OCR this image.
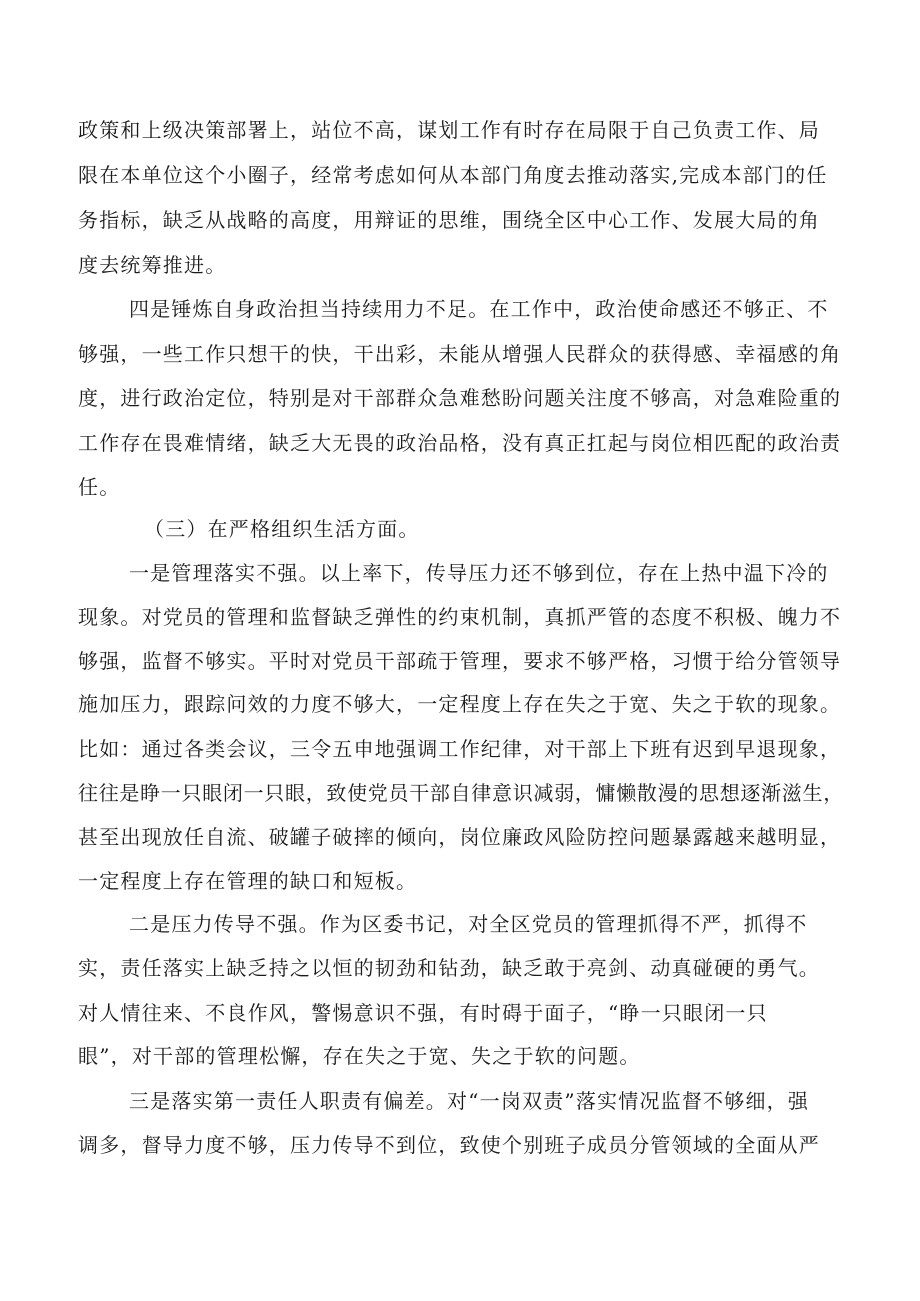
政策和上级决策部署上，站位不高，谋划工作有时存在局限于自己负责工作、局
限在本单位这个小圈子，经常考虑如何从本部门角度去推动落实,完成本部门的任
务指标，缺乏从战略的高度，用辩证的思维，围绕全区中心工作、发展大局的角
度去统筹推进。
四是锤炼自身政治担当持续用力不足。在工作中，政治使命感还不够正、不
够强，一些工作只想干的快，干出彩，未能从增强人民群众的获得感、幸福感的角
度，进行政治定位，特别是对干部群众急难愁盼问题关注度不够高，对急难险重的
工作存在畏难情绪，缺乏大无畏的政治品格，没有真正扛起与岗位相匹配的政治责
任。
（三）在严格组织生活方面。
一是管理落实不强。以上率下，传导压力还不够到位，存在上热中温下冷的
现象。对党员的管理和监督缺乏弹性的约束机制，真抓严管的态度不积极、魄力不
够强，监督不够实。平时对党员干部疏于管理，要求不够严格，习惯于给分管领导
施加压力，跟踪问效的力度不够大，一定程度上存在失之于宽、失之于软的现象。
比如：通过各类会议，三令五申地强调工作纪律，对干部上下班有迟到早退现象，
往往是睁一只眼闭一只眼，致使党员干部自律意识减弱，慵懒散漫的思想逐渐滋生，
甚至出现放任自流、破罐子破摔的倾向，岗位廉政风险防控问题暴露越来越明显，
一定程度上存在管理的缺口和短板。
二是压力传导不强。作为区委书记，对全区党员的管理抓得不严，抓得不
实，责任落实上缺乏持之以恒的韧劲和钻劲，缺乏敢于亮剑、动真碰硬的勇气。
对人情往来、不良作风，警惕意识不强，有时碍于面子，“睁一只眼闭一只
眼”，对干部的管理松懈，存在失之于宽、失之于软的问题。
三是落实第一责任人职责有偏差。对“一岗双责”落实情况监督不够细，强
调多，督导力度不够，压力传导不到位，致使个别班子成员分管领域的全面从严
